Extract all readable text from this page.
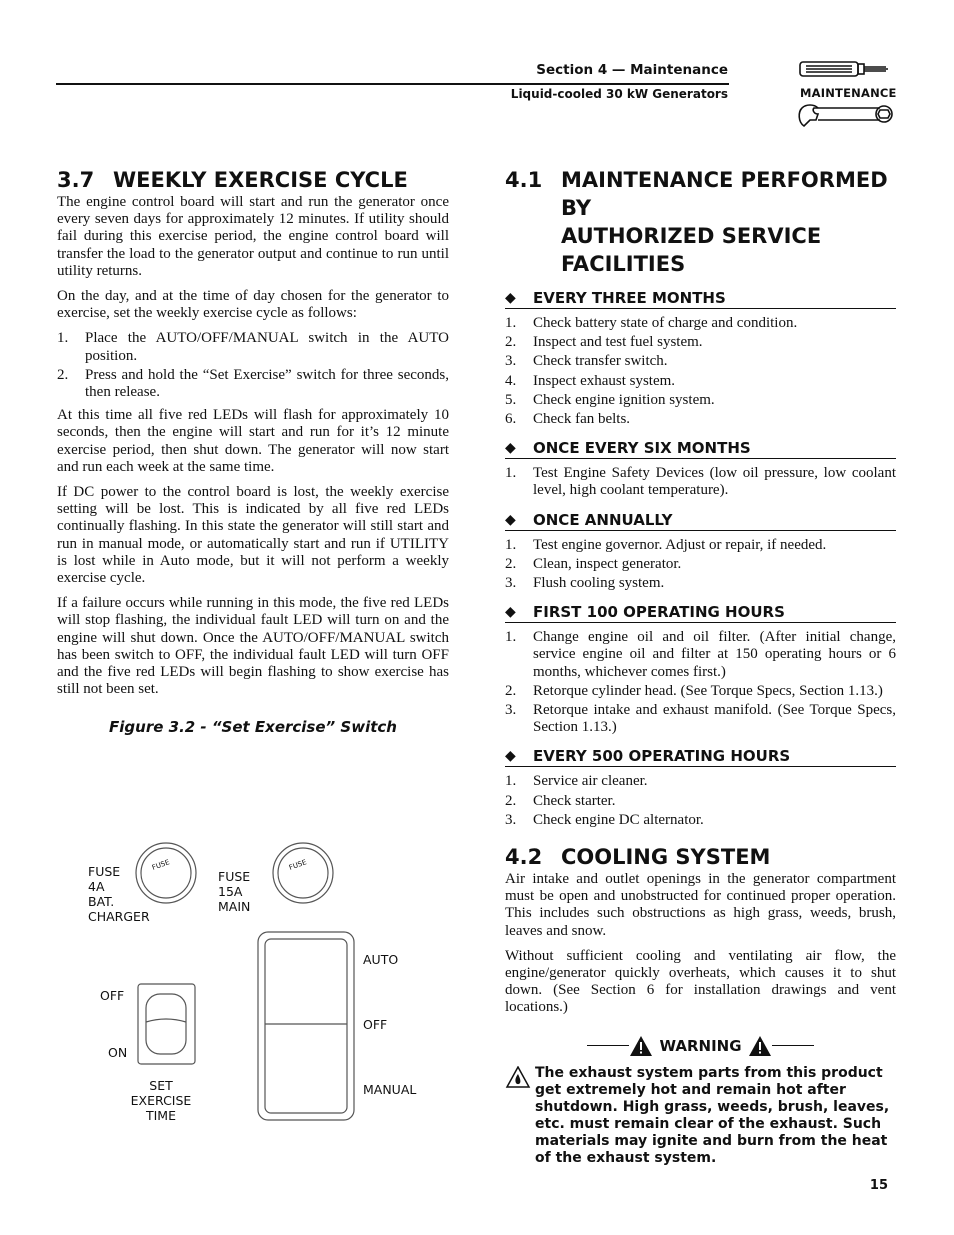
Section 4 — Maintenance
Liquid-cooled 30 kW Generators	MAINTENANCE
3.7 WEEKLY EXERCISE CYCLE

The engine control board will start and run the generator once every seven days for approximately 12 minutes. If utility should fail during this exercise period, the engine control board will transfer the load to the generator output and continue to run until utility returns.

On the day, and at the time of day chosen for the generator to exercise, set the weekly exercise cycle as follows:

1.	Place the AUTO/OFF/MANUAL switch in the AUTO position.
2.	Press and hold the “Set Exercise” switch for three seconds, then release.

At this time all five red LEDs will flash for approximately 10 seconds, then the engine will start and run for it’s 12 minute exercise period, then shut down. The generator will now start and run each week at the same time.

If DC power to the control board is lost, the weekly exercise setting will be lost. This is indicated by all five red LEDs continually flashing. In this state the generator will still start and run in manual mode, or automatically start and run if UTILITY is lost while in Auto mode, but it will not perform a weekly exercise cycle.

If a failure occurs while running in this mode, the five red LEDs will stop flashing, the individual fault LED will turn on and the engine will shut down. Once the AUTO/OFF/MANUAL switch has been switch to OFF, the individual fault LED will turn OFF and the five red LEDs will begin flashing to show exercise has still not been set.

Figure 3.2 - “Set Exercise” Switch
FUSE	FUSE
FUSE
4A
BAT.
CHARGER
FUSE
15A
MAIN
OFF
ON
SET
EXERCISE
TIME
AUTO
OFF
MANUAL
4.1 MAINTENANCE PERFORMED BY
AUTHORIZED SERVICE FACILITIES
◆	EVERY THREE MONTHS
1.	Check battery state of charge and condition.
2.	Inspect and test fuel system.
3.	Check transfer switch.
4.	Inspect exhaust system.
5.	Check engine ignition system.
6.	Check fan belts.
◆	ONCE EVERY SIX MONTHS
1.	Test Engine Safety Devices (low oil pressure, low coolant level, high coolant temperature).
◆	ONCE ANNUALLY
1.	Test engine governor. Adjust or repair, if needed.
2.	Clean, inspect generator.
3.	Flush cooling system.
◆	FIRST 100 OPERATING HOURS
1.	Change engine oil and oil filter. (After initial change, service engine oil and filter at 150 operating hours or 6 months, whichever comes first.)
2.	Retorque cylinder head. (See Torque Specs, Section 1.13.)
3.	Retorque intake and exhaust manifold. (See Torque Specs, Section 1.13.)
◆	EVERY 500 OPERATING HOURS
1.	Service air cleaner.
2.	Check starter.
3.	Check engine DC alternator.
4.2 COOLING SYSTEM

Air intake and outlet openings in the generator compartment must be open and unobstructed for continued proper operation. This includes such obstructions as high grass, weeds, brush, leaves and snow.

Without sufficient cooling and ventilating air flow, the engine/generator quickly overheats, which causes it to shut down. (See Section 6 for installation drawings and vent locations.)

WARNING
The exhaust system parts from this product get extremely hot and remain hot after shutdown. High grass, weeds, brush, leaves, etc. must remain clear of the exhaust. Such materials may ignite and burn from the heat of the exhaust system.
15
